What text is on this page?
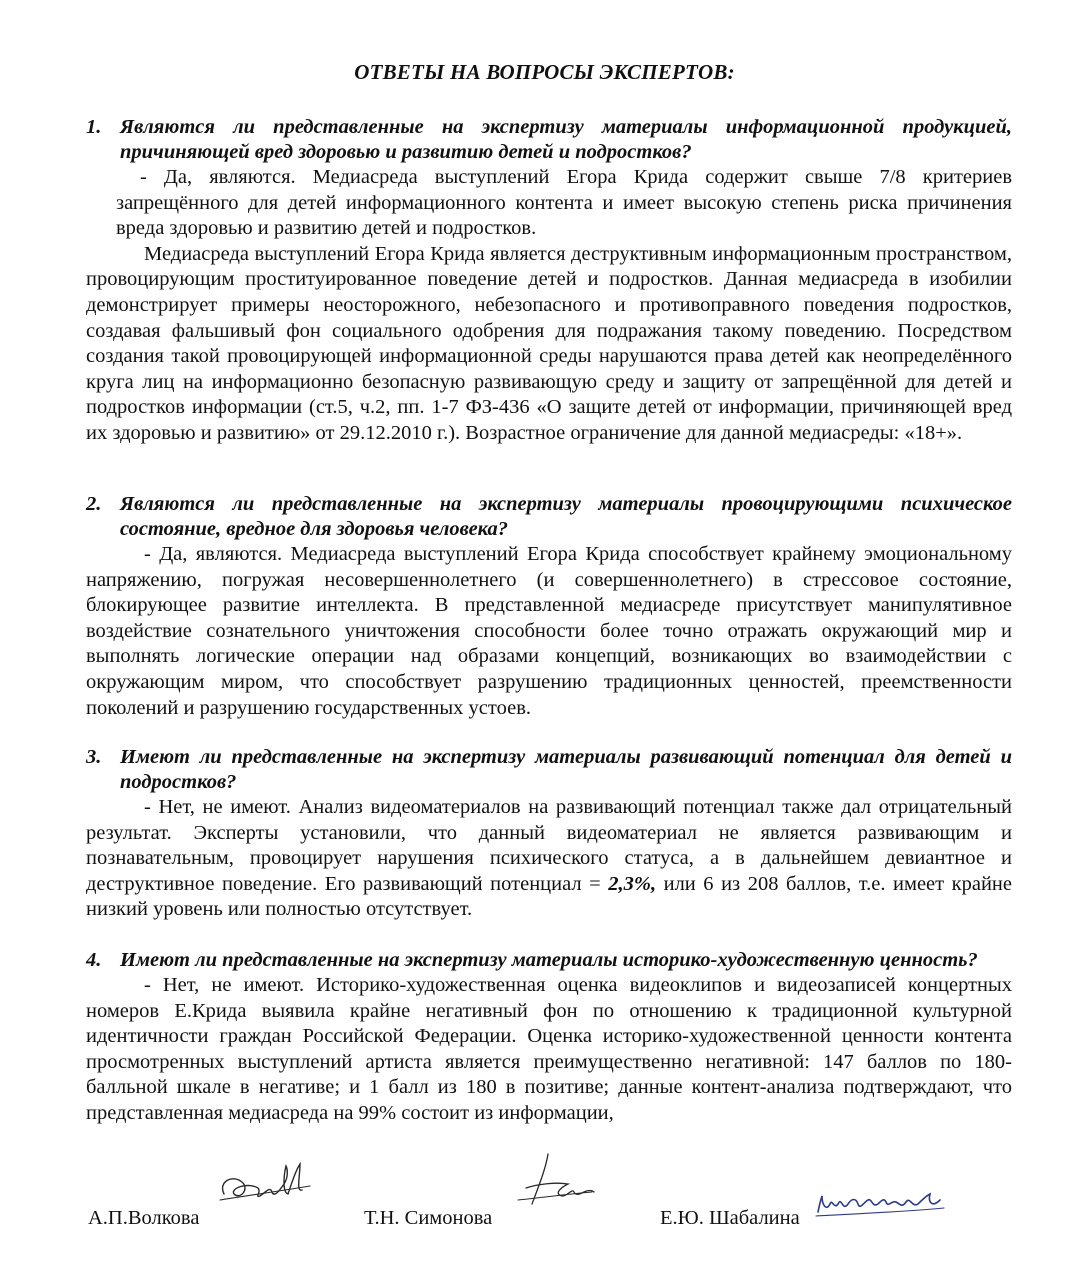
ОТВЕТЫ НА ВОПРОСЫ ЭКСПЕРТОВ:
1. Являются ли представленные на экспертизу материалы информационной продукцией, причиняющей вред здоровью и развитию детей и подростков?
- Да, являются. Медиасреда выступлений Егора Крида содержит свыше 7/8 критериев запрещённого для детей информационного контента и имеет высокую степень риска причинения вреда здоровью и развитию детей и подростков.
Медиасреда выступлений Егора Крида является деструктивным информационным пространством, провоцирующим проституированное поведение детей и подростков. Данная медиасреда в изобилии демонстрирует примеры неосторожного, небезопасного и противоправного поведения подростков, создавая фальшивый фон социального одобрения для подражания такому поведению. Посредством создания такой провоцирующей информационной среды нарушаются права детей как неопределённого круга лиц на информационно безопасную развивающую среду и защиту от запрещённой для детей и подростков информации (ст.5, ч.2, пп. 1-7 ФЗ-436 «О защите детей от информации, причиняющей вред их здоровью и развитию» от 29.12.2010 г.). Возрастное ограничение для данной медиасреды: «18+».
2. Являются ли представленные на экспертизу материалы провоцирующими психическое состояние, вредное для здоровья человека?
- Да, являются. Медиасреда выступлений Егора Крида способствует крайнему эмоциональному напряжению, погружая несовершеннолетнего (и совершеннолетнего) в стрессовое состояние, блокирующее развитие интеллекта. В представленной медиасреде присутствует манипулятивное воздействие сознательного уничтожения способности более точно отражать окружающий мир и выполнять логические операции над образами концепций, возникающих во взаимодействии с окружающим миром, что способствует разрушению традиционных ценностей, преемственности поколений и разрушению государственных устоев.
3. Имеют ли представленные на экспертизу материалы развивающий потенциал для детей и подростков?
- Нет, не имеют. Анализ видеоматериалов на развивающий потенциал также дал отрицательный результат. Эксперты установили, что данный видеоматериал не является развивающим и познавательным, провоцирует нарушения психического статуса, а в дальнейшем девиантное и деструктивное поведение. Его развивающий потенциал = 2,3%, или 6 из 208 баллов, т.е. имеет крайне низкий уровень или полностью отсутствует.
4. Имеют ли представленные на экспертизу материалы историко-художественную ценность?
- Нет, не имеют. Историко-художественная оценка видеоклипов и видеозаписей концертных номеров Е.Крида выявила крайне негативный фон по отношению к традиционной культурной идентичности граждан Российской Федерации. Оценка историко-художественной ценности контента просмотренных выступлений артиста является преимущественно негативной: 147 баллов по 180-балльной шкале в негативе; и 1 балл из 180 в позитиве; данные контент-анализа подтверждают, что представленная медиасреда на 99% состоит из информации,
А.П.Волкова	Т.Н. Симонова	Е.Ю. Шабалина
